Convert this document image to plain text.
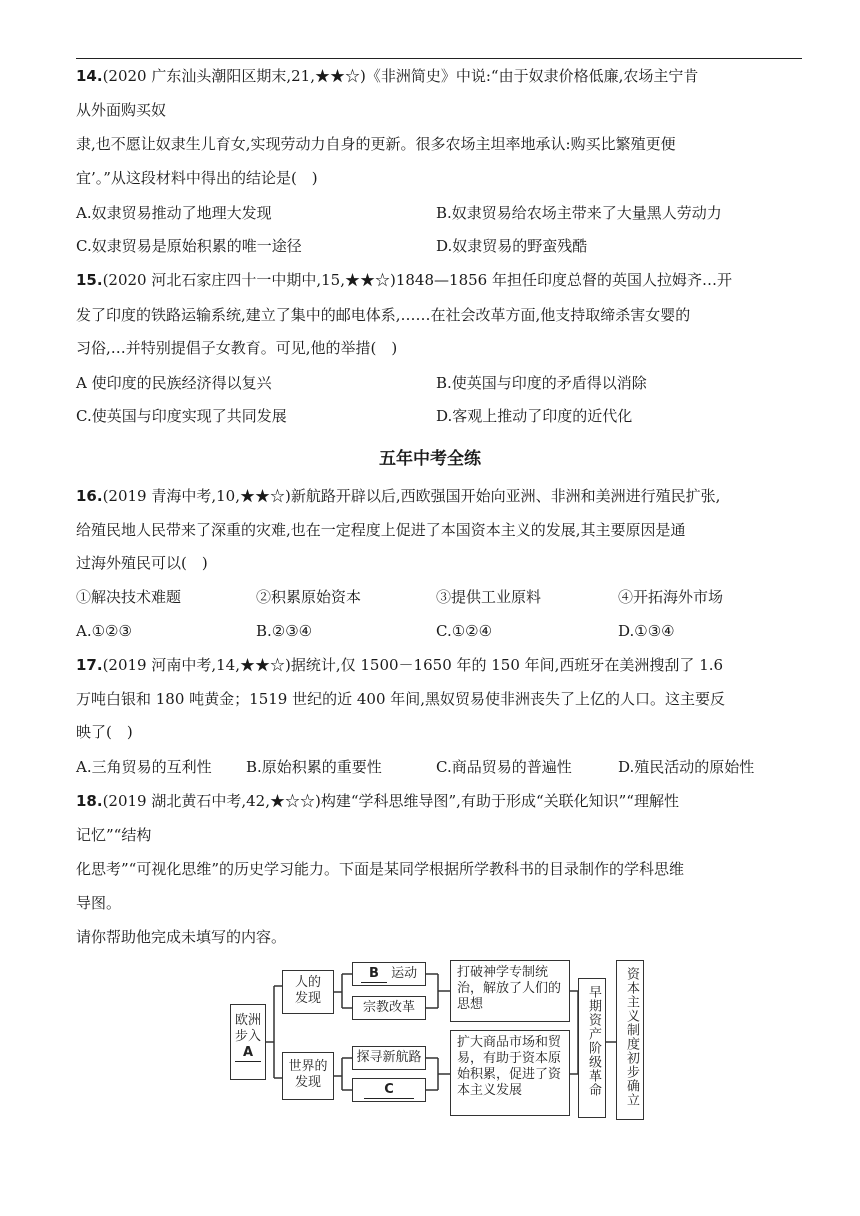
14.(2020 广东汕头潮阳区期末,21,★★☆)《非洲简史》中说:“由于奴隶价格低廉,农场主宁肯
从外面购买奴
隶,也不愿让奴隶生儿育女,实现劳动力自身的更新。很多农场主坦率地承认:购买比繁殖更便
宜’。”从这段材料中得出的结论是(　)
A.奴隶贸易推动了地理大发现	B.奴隶贸易给农场主带来了大量黑人劳动力
C.奴隶贸易是原始积累的唯一途径	D.奴隶贸易的野蛮残酷
15.(2020 河北石家庄四十一中期中,15,★★☆)1848—1856 年担任印度总督的英国人拉姆齐…开
发了印度的铁路运输系统,建立了集中的邮电体系,……在社会改革方面,他支持取缔杀害女婴的
习俗,…并特别提倡子女教育。可见,他的举措(　)
A 使印度的民族经济得以复兴	B.使英国与印度的矛盾得以消除
C.使英国与印度实现了共同发展	D.客观上推动了印度的近代化
五年中考全练
16.(2019 青海中考,10,★★☆)新航路开辟以后,西欧强国开始向亚洲、非洲和美洲进行殖民扩张,
给殖民地人民带来了深重的灾难,也在一定程度上促进了本国资本主义的发展,其主要原因是通
过海外殖民可以(　)
①解决技术难题	②积累原始资本	③提供工业原料	④开拓海外市场
A.①②③	B.②③④	C.①②④	D.①③④
17.(2019 河南中考,14,★★☆)据统计,仅 1500－1650 年的 150 年间,西班牙在美洲搜刮了 1.6
万吨白银和 180 吨黄金；1519 世纪的近 400 年间,黑奴贸易使非洲丧失了上亿的人口。这主要反
映了(　)
A.三角贸易的互利性 B.原始积累的重要性	C.商品贸易的普遍性	D.殖民活动的原始性
18.(2019 湖北黄石中考,42,★☆☆)构建“学科思维导图”,有助于形成“关联化知识”“理解性
记忆”“结构
化思考”“可视化思维”的历史学习能力。下面是某同学根据所学教科书的目录制作的学科思维
导图。
请你帮助他完成未填写的内容。
欧洲
步入
A
人的
发现
世界的
发现
B 运动
宗教改革
探寻新航路
C
打破神学专制统治，解放了人们的思想
扩大商品市场和贸易，有助于资本原始积累，促进了资本主义发展	早期资产阶级革命	资本主义制度初步确立
